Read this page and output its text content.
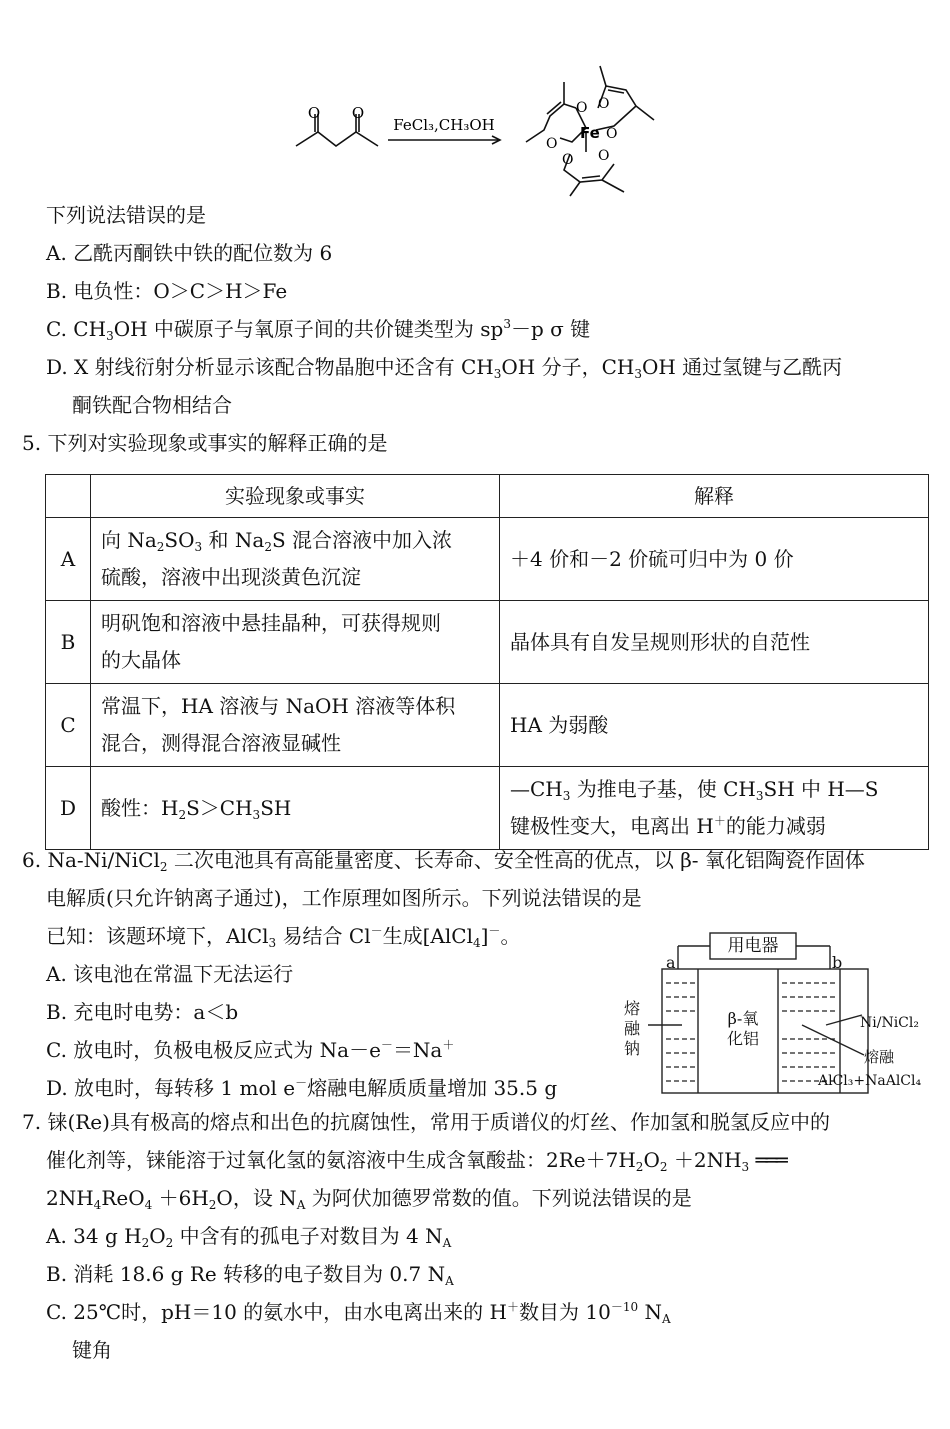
O O
FeCl₃,CH₃OH
O O
Fe O
O
O O
下列说法错误的是
A. 乙酰丙酮铁中铁的配位数为 6
B. 电负性：O＞C＞H＞Fe
C. $CH_3OH$ 中碳原子与氧原子间的共价键类型为 $sp^3-p$ σ 键
D. X 射线衍射分析显示该配合物晶胞中还含有 $CH_3OH$ 分子，$CH_3OH$ 通过氢键与乙酰丙
酮铁配合物相结合
5. 下列对实验现象或事实的解释正确的是
	实验现象或事实	解释
A	向 $Na_2SO_3$ 和 $Na_2S$ 混合溶液中加入浓
硫酸，溶液中出现淡黄色沉淀	＋4 价和－2 价硫可归中为 0 价
B	明矾饱和溶液中悬挂晶种，可获得规则
的大晶体	晶体具有自发呈规则形状的自范性
C	常温下，HA 溶液与 NaOH 溶液等体积
混合，测得混合溶液显碱性	HA 为弱酸
D	酸性：$H_2S>CH_3SH$	$—CH_3$ 为推电子基，使 $CH_3SH$ 中 H—S
键极性变大，电离出 H＋的能力减弱
6. Na-Ni/NiCl$_2$ 二次电池具有高能量密度、长寿命、安全性高的优点，以 β- 氧化铝陶瓷作固体
电解质(只允许钠离子通过)，工作原理如图所示。下列说法错误的是
已知：该题环境下，AlCl$_3$ 易结合 Cl－生成[AlCl$_4$]－。
A. 该电池在常温下无法运行
B. 充电时电势：a＜b
C. 放电时，负极电极反应式为 Na－e－＝Na＋
D. 放电时，每转移 1 mol e－熔融电解质质量增加 35.5 g
用电器
a	b
熔
融
钠
β-氧
化铝
Ni/NiCl₂
熔融
AlCl₃+NaAlCl₄
7. 铼(Re)具有极高的熔点和出色的抗腐蚀性，常用于质谱仪的灯丝、作加氢和脱氢反应中的
催化剂等，铼能溶于过氧化氢的氨溶液中生成含氧酸盐：$2Re+7H_2O_2 +2NH_3$ ═══
$2NH_4ReO_4 +6H_2O$，设 $N_A$ 为阿伏加德罗常数的值。下列说法错误的是
A. 34 g $H_2O_2$ 中含有的孤电子对数目为 4 $N_A$
B. 消耗 18.6 g Re 转移的电子数目为 0.7 $N_A$
C. 25℃时，pH＝10 的氨水中，由水电离出来的 H＋数目为 $10^{-10}$ $N_A$
键角
